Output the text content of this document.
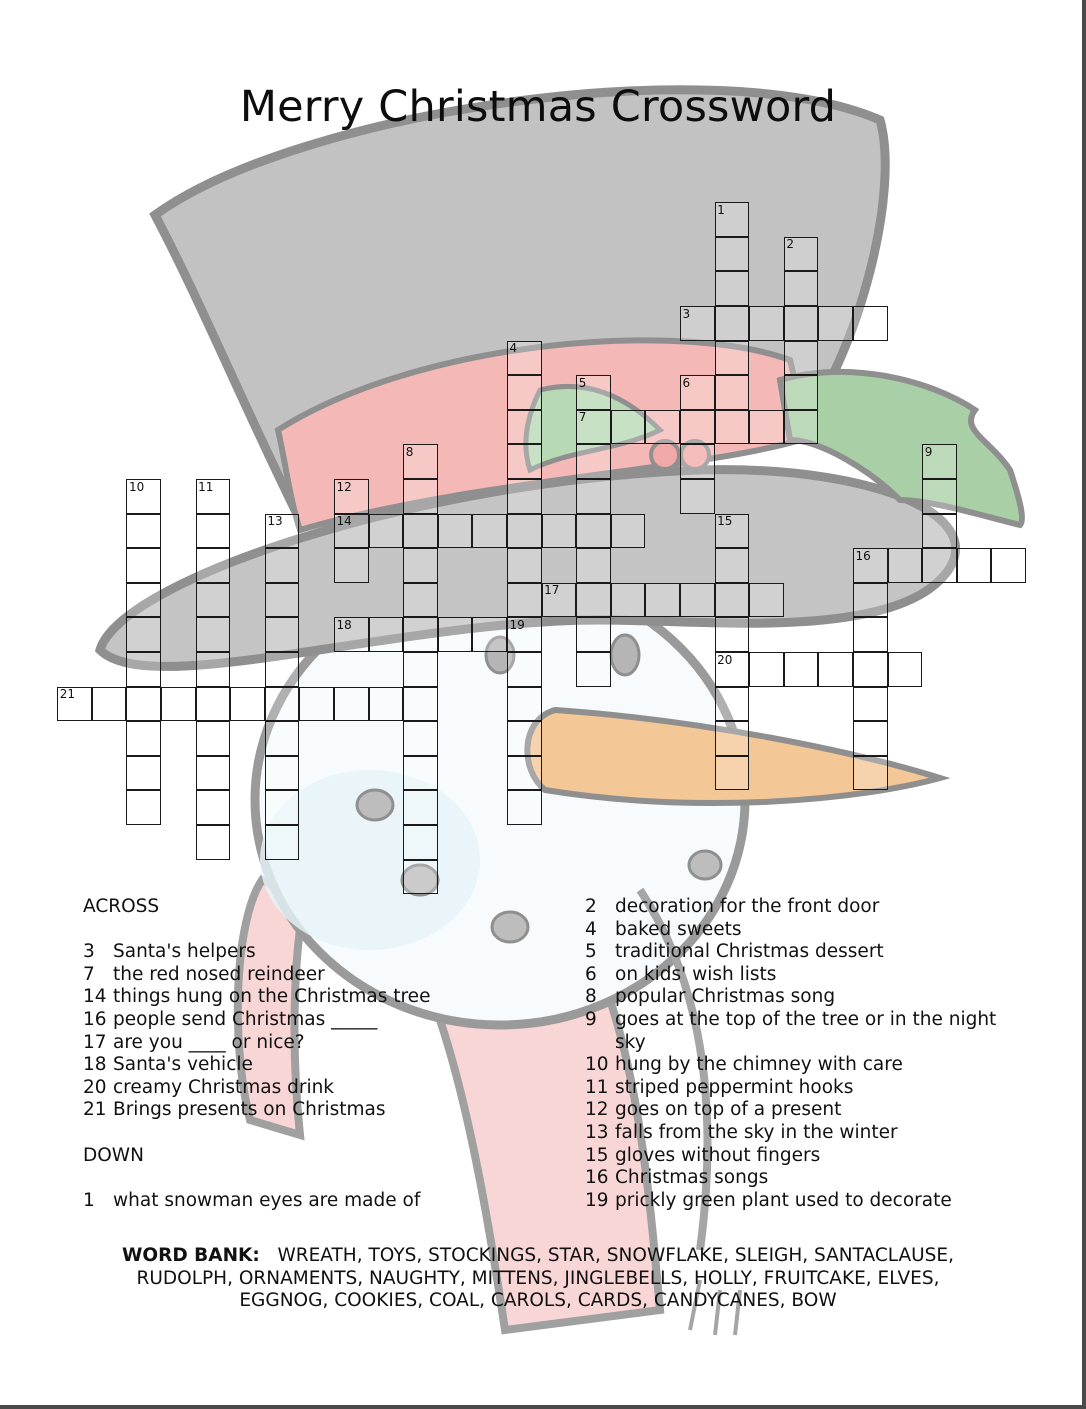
Merry Christmas Crossword
1
2
3
4
5	6
7
8	9
10	11	12
13	14	15
16
17
18	19
20
21
ACROSS
3 Santa's helpers
7 the red nosed reindeer
14 things hung on the Christmas tree
16 people send Christmas _____
17 are you ____ or nice?
18 Santa's vehicle
20 creamy Christmas drink
21 Brings presents on Christmas
DOWN
1 what snowman eyes are made of
2 decoration for the front door
4 baked sweets
5 traditional Christmas dessert
6 on kids' wish lists
8 popular Christmas song
9 goes at the top of the tree or in the night sky
10 hung by the chimney with care
11 striped peppermint hooks
12 goes on top of a present
13 falls from the sky in the winter
15 gloves without fingers
16 Christmas songs
19 prickly green plant used to decorate
WORD BANK: WREATH, TOYS, STOCKINGS, STAR, SNOWFLAKE, SLEIGH, SANTACLAUSE, RUDOLPH, ORNAMENTS, NAUGHTY, MITTENS, JINGLEBELLS, HOLLY, FRUITCAKE, ELVES, EGGNOG, COOKIES, COAL, CAROLS, CARDS, CANDYCANES, BOW
